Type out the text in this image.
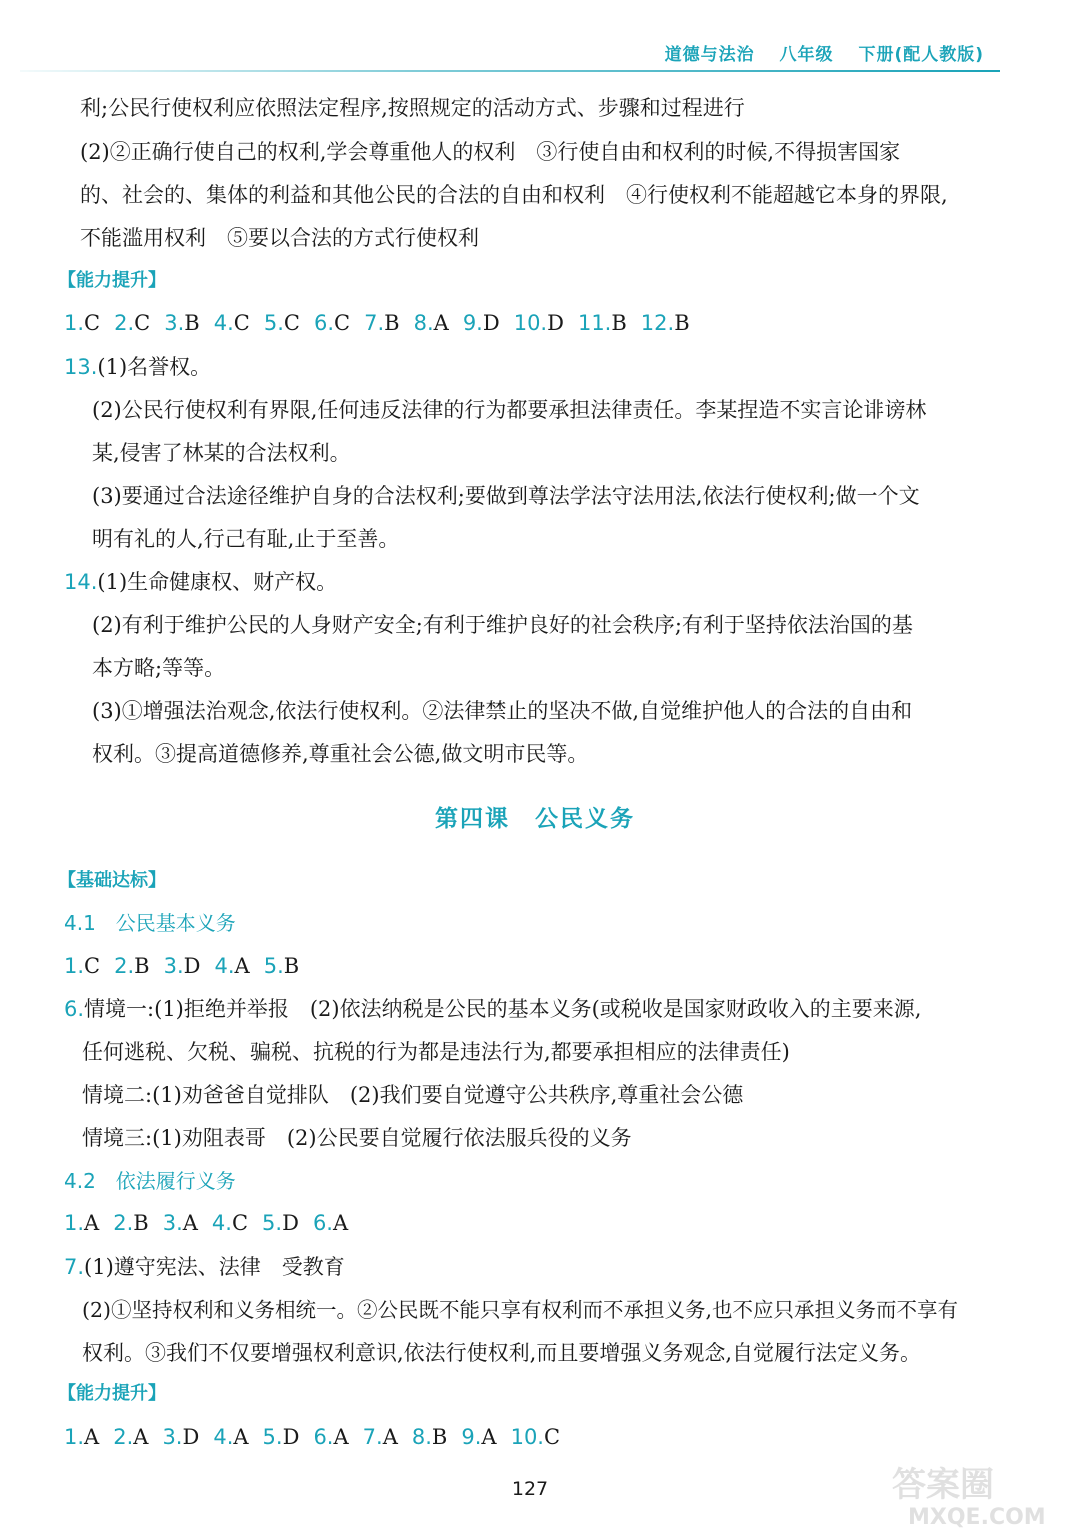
道德与法治 八年级 下册(配人教版)
利;公民行使权利应依照法定程序,按照规定的活动方式、步骤和过程进行
(2)②正确行使自己的权利,学会尊重他人的权利　③行使自由和权利的时候,不得损害国家
的、社会的、集体的利益和其他公民的合法的自由和权利　④行使权利不能超越它本身的界限,
不能滥用权利　⑤要以合法的方式行使权利
【能力提升】
1.C 2.C 3.B 4.C 5.C 6.C 7.B 8.A 9.D 10.D 11.B 12.B
13.(1)名誉权。
(2)公民行使权利有界限,任何违反法律的行为都要承担法律责任。李某捏造不实言论诽谤林
某,侵害了林某的合法权利。
(3)要通过合法途径维护自身的合法权利;要做到尊法学法守法用法,依法行使权利;做一个文
明有礼的人,行己有耻,止于至善。
14.(1)生命健康权、财产权。
(2)有利于维护公民的人身财产安全;有利于维护良好的社会秩序;有利于坚持依法治国的基
本方略;等等。
(3)①增强法治观念,依法行使权利。②法律禁止的坚决不做,自觉维护他人的合法的自由和
权利。③提高道德修养,尊重社会公德,做文明市民等。
第四课　公民义务
【基础达标】
4.1　公民基本义务
1.C 2.B 3.D 4.A 5.B
6.情境一:(1)拒绝并举报　(2)依法纳税是公民的基本义务(或税收是国家财政收入的主要来源,
任何逃税、欠税、骗税、抗税的行为都是违法行为,都要承担相应的法律责任)
情境二:(1)劝爸爸自觉排队　(2)我们要自觉遵守公共秩序,尊重社会公德
情境三:(1)劝阻表哥　(2)公民要自觉履行依法服兵役的义务
4.2　依法履行义务
1.A 2.B 3.A 4.C 5.D 6.A
7.(1)遵守宪法、法律　受教育
(2)①坚持权利和义务相统一。②公民既不能只享有权利而不承担义务,也不应只承担义务而不享有
权利。③我们不仅要增强权利意识,依法行使权利,而且要增强义务观念,自觉履行法定义务。
【能力提升】
1.A 2.A 3.D 4.A 5.D 6.A 7.A 8.B 9.A 10.C
127	答案圈
MXQE.COM
